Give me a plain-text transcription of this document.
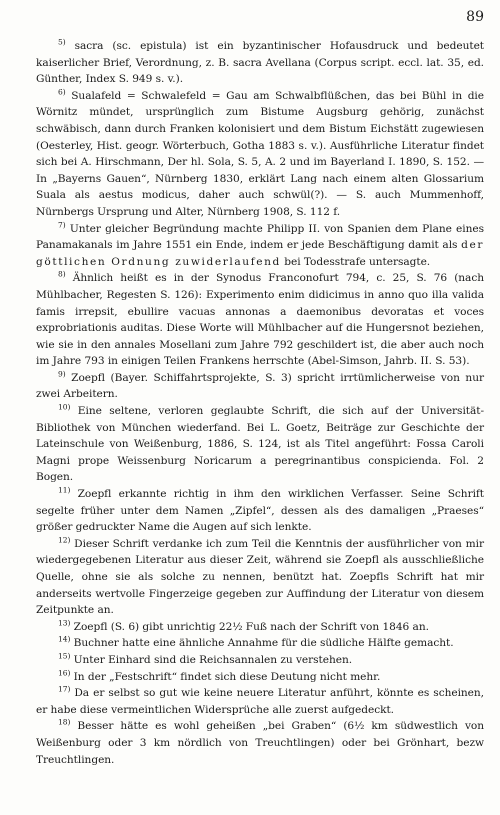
89

$^{5)}$ sacra (sc. epistula) ist ein byzantinischer Hofausdruck und bedeutet kaiserlicher Brief, Verordnung, z. B. sacra Avellana (Corpus script. eccl. lat. 35, ed. Günther, Index S. 949 s. v.).

$^{6)}$ Sualafeld = Schwalefeld = Gau am Schwalbflüßchen, das bei Bühl in die Wörnitz mündet, ursprünglich zum Bistume Augsburg gehörig, zunächst schwäbisch, dann durch Franken kolonisiert und dem Bistum Eichstätt zugewiesen (Oesterley, Hist. geogr. Wörterbuch, Gotha 1883 s. v.). Ausführliche Literatur findet sich bei A. Hirschmann, Der hl. Sola, S. 5, A. 2 und im Bayerland I. 1890, S. 152. — In „Bayerns Gauen“, Nürnberg 1830, erklärt Lang nach einem alten Glossarium Suala als aestus modicus, daher auch schwül(?). — S. auch Mummenhoff, Nürnbergs Ursprung und Alter, Nürnberg 1908, S. 112 f.

$^{7)}$ Unter gleicher Begründung machte Philipp II. von Spanien dem Plane eines Panamakanals im Jahre 1551 ein Ende, indem er jede Beschäftigung damit als der göttlichen Ordnung zuwiderlaufend bei Todesstrafe untersagte.

$^{8)}$ Ähnlich heißt es in der Synodus Franconofurt 794, c. 25, S. 76 (nach Mühlbacher, Regesten S. 126): Experimento enim didicimus in anno quo illa valida famis irrepsit, ebullire vacuas annonas a daemonibus devoratas et voces exprobriationis auditas. Diese Worte will Mühlbacher auf die Hungersnot beziehen, wie sie in den annales Mosellani zum Jahre 792 geschildert ist, die aber auch noch im Jahre 793 in einigen Teilen Frankens herrschte (Abel-Simson, Jahrb. II. S. 53).

$^{9)}$ Zoepfl (Bayer. Schiffahrtsprojekte, S. 3) spricht irrtümlicherweise von nur zwei Arbeitern.

$^{10)}$ Eine seltene, verloren geglaubte Schrift, die sich auf der Universität-Bibliothek von München wiederfand. Bei L. Goetz, Beiträge zur Geschichte der Lateinschule von Weißenburg, 1886, S. 124, ist als Titel angeführt: Fossa Caroli Magni prope Weissenburg Noricarum a peregrinantibus conspicienda. Fol. 2 Bogen.

$^{11)}$ Zoepfl erkannte richtig in ihm den wirklichen Verfasser. Seine Schrift segelte früher unter dem Namen „Zipfel“, dessen als des damaligen „Praeses“ größer gedruckter Name die Augen auf sich lenkte.

$^{12)}$ Dieser Schrift verdanke ich zum Teil die Kenntnis der ausführlicher von mir wiedergegebenen Literatur aus dieser Zeit, während sie Zoepfl als ausschließliche Quelle, ohne sie als solche zu nennen, benützt hat. Zoepfls Schrift hat mir anderseits wertvolle Fingerzeige gegeben zur Auffindung der Literatur von diesem Zeitpunkte an.

$^{13)}$ Zoepfl (S. 6) gibt unrichtig 22½ Fuß nach der Schrift von 1846 an.

$^{14)}$ Buchner hatte eine ähnliche Annahme für die südliche Hälfte gemacht.

$^{15)}$ Unter Einhard sind die Reichsannalen zu verstehen.

$^{16)}$ In der „Festschrift“ findet sich diese Deutung nicht mehr.

$^{17)}$ Da er selbst so gut wie keine neuere Literatur anführt, könnte es scheinen, er habe diese vermeintlichen Widersprüche alle zuerst aufgedeckt.

$^{18)}$ Besser hätte es wohl geheißen „bei Graben“ (6½ km südwestlich von Weißenburg oder 3 km nördlich von Treuchtlingen) oder bei Grönhart, bezw Treuchtlingen.
